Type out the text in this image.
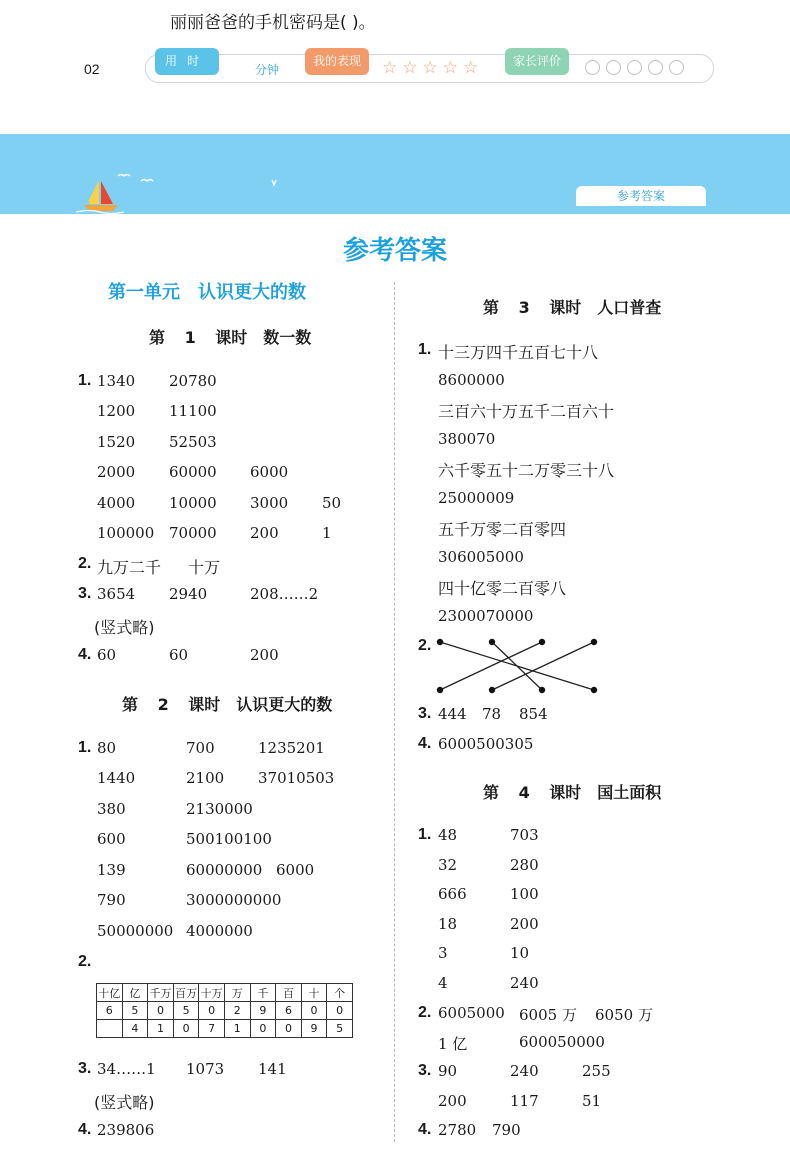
丽丽爸爸的手机密码是( )。
02	用时
分钟
我的表现	☆☆☆☆☆	家长评价
参考答案
参考答案
第一单元　认识更大的数
第 1 课时　数一数
1. 1340 20780
1200 11100
1520 52503
2000 60000 6000
4000 10000 3000 50
100000 70000 200	1
2. 九万二千 十万
3. 3654 2940	208……2
(竖式略)
4. 60	60	200
第 2 课时　认识更大的数
1. 80	700	1235201
1440	2100 37010503
380	2130000
600	500100100
139	60000000 6000
790	3000000000
50000000 4000000
2.
十亿	亿	千万	百万	十万	万	千	百	十	个
6	5	0	5	0	2	9	6	0	0
	4	1	0	7	1	0	0	9	5
3. 34……1 1073 141
(竖式略)
4. 239806
第 3 课时　人口普查
1. 十三万四千五百七十八
8600000
三百六十万五千二百六十
380070
六千零五十二万零三十八
25000009
五千万零二百零四
306005000
四十亿零二百零八
2300070000
2.
3. 444 78 854
4. 6000500305
第 4 课时　国土面积
1. 48	703
32	280
666	100
18	200
3	10
4	240
2. 6005000 6005 万 6050 万
1 亿	600050000
3. 90	240	255
200	117	51
4. 2780 790
